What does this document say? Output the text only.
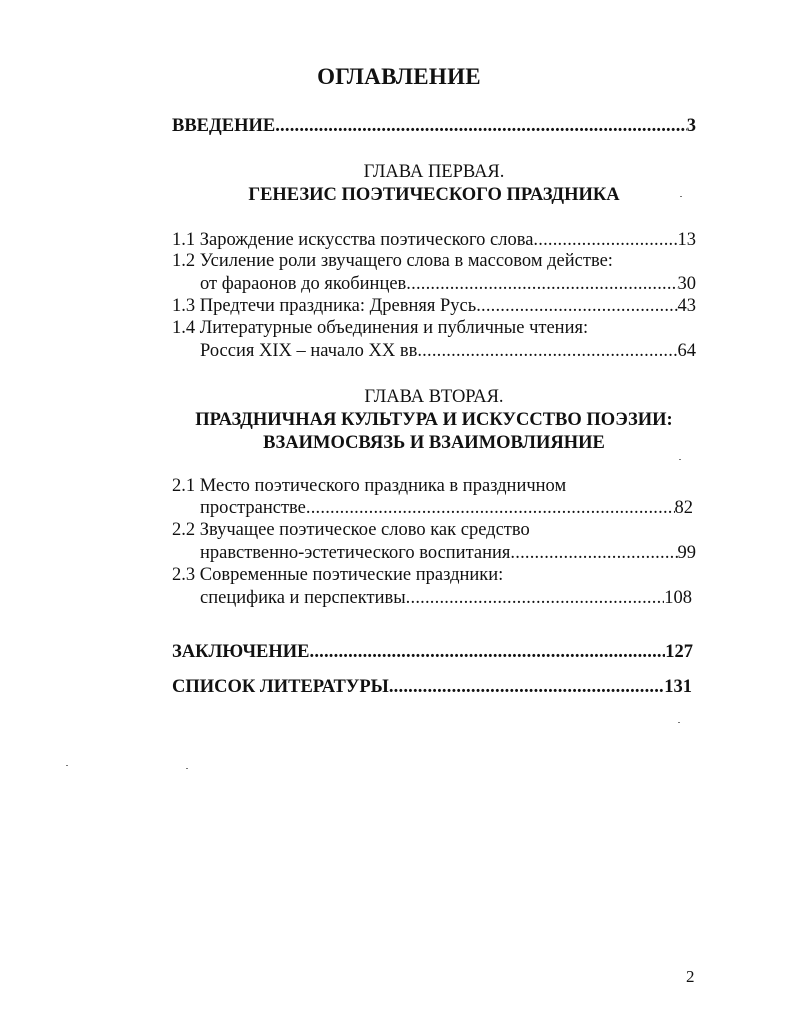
ОГЛАВЛЕНИЕ
ВВЕДЕНИЕ .....	3
ГЛАВА ПЕРВАЯ.
ГЕНЕЗИС ПОЭТИЧЕСКОГО ПРАЗДНИКА
1.1 Зарождение искусства поэтического слова .....	13
1.2 Усиление роли звучащего слова в массовом действе:
от фараонов до якобинцев .....	30
1.3 Предтечи праздника: Древняя Русь .....	43
1.4 Литературные объединения и публичные чтения:
Россия XIX – начало XX вв .....	64
ГЛАВА ВТОРАЯ.
ПРАЗДНИЧНАЯ КУЛЬТУРА И ИСКУССТВО ПОЭЗИИ:
ВЗАИМОСВЯЗЬ И ВЗАИМОВЛИЯНИЕ
2.1 Место поэтического праздника в праздничном
пространстве .....	82
2.2 Звучащее поэтическое слово как средство
нравственно-эстетического воспитания .....	99
2.3 Современные поэтические праздники:
специфика и перспективы .....	108
ЗАКЛЮЧЕНИЕ .....	127
СПИСОК ЛИТЕРАТУРЫ .....	131
2
